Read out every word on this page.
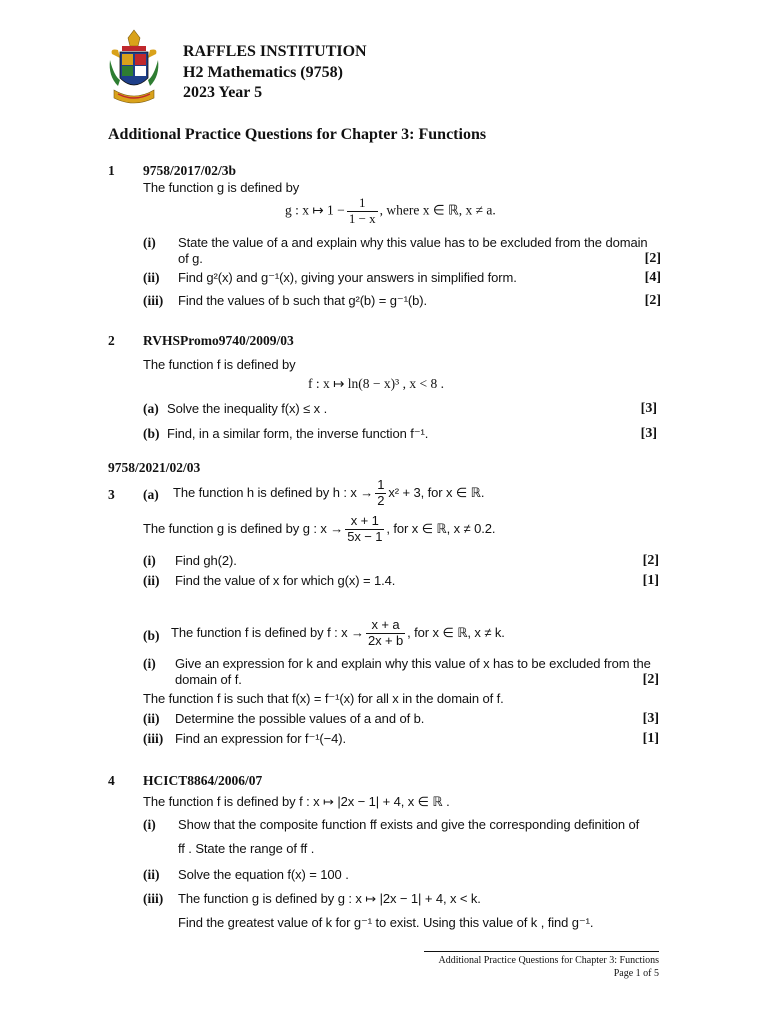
RAFFLES INSTITUTION
H2 Mathematics (9758)
2023 Year 5
Additional Practice Questions for Chapter 3: Functions
1 9758/2017/02/3b
The function g is defined by
g : x ↦ $1 - \frac{1}{1 - x}$ , where x ∈ ℝ, x ≠ a.
(i) State the value of a and explain why this value has to be excluded from the domain
of g.	[2]
(ii) Find g²(x) and g⁻¹(x), giving your answers in simplified form.	[4]
(iii) Find the values of b such that g²(b) = g⁻¹(b).	[2]
2 RVHSPromo9740/2009/03
The function f is defined by
f : x ↦ ln(8 − x)³ , x < 8 .
(a) Solve the inequality f(x) ≤ x .	[3]
(b) Find, in a similar form, the inverse function f⁻¹.	[3]
9758/2021/02/03
3 (a) The function h is defined by h : $x \to \frac{1}{2} x^2 + 3$, for x ∈ ℝ.
The function g is defined by g : $x \to \frac{x + 1}{5x - 1}$ , for x ∈ ℝ, x ≠ 0.2.
(i) Find gh(2).	[2]
(ii) Find the value of x for which g(x) = 1.4.	[1]
(b) The function f is defined by f : $x \to \frac{x + a}{2x + b}$ , for x ∈ ℝ, x ≠ k.
(i) Give an expression for k and explain why this value of x has to be excluded from the
domain of f.	[2]
The function f is such that f(x) = f⁻¹(x) for all x in the domain of f.
(ii) Determine the possible values of a and of b.	[3]
(iii) Find an expression for f⁻¹(−4).	[1]
4 HCICT8864/2006/07
The function f is defined by f : x ↦ |2x − 1| + 4, x ∈ ℝ .
(i) Show that the composite function ff exists and give the corresponding definition of
ff . State the range of ff .
(ii) Solve the equation f(x) = 100 .
(iii) The function g is defined by g : x ↦ |2x − 1| + 4, x < k.
Find the greatest value of k for g⁻¹ to exist. Using this value of k , find g⁻¹.
Additional Practice Questions for Chapter 3: Functions
Page 1 of 5
